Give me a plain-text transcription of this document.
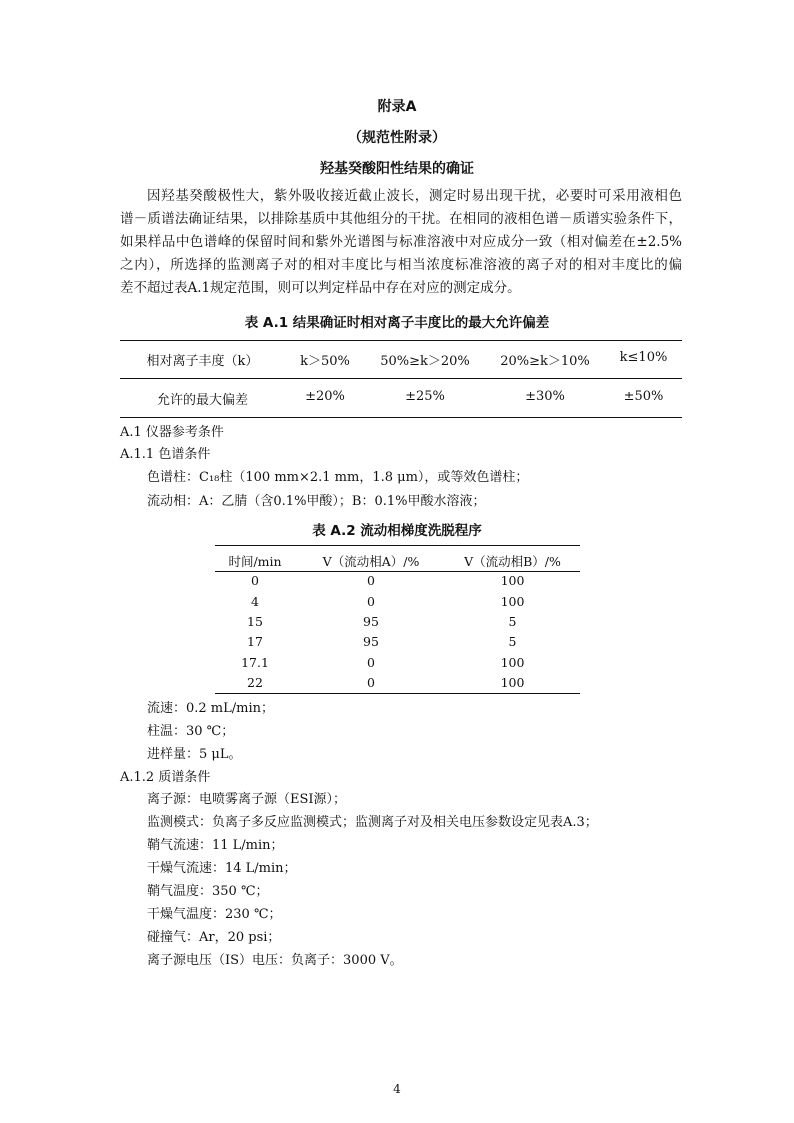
附录A
（规范性附录）
羟基癸酸阳性结果的确证
因羟基癸酸极性大，紫外吸收接近截止波长，测定时易出现干扰，必要时可采用液相色
谱－质谱法确证结果，以排除基质中其他组分的干扰。在相同的液相色谱－质谱实验条件下，
如果样品中色谱峰的保留时间和紫外光谱图与标准溶液中对应成分一致（相对偏差在±2.5%
之内），所选择的监测离子对的相对丰度比与相当浓度标准溶液的离子对的相对丰度比的偏
差不超过表A.1规定范围，则可以判定样品中存在对应的测定成分。
表 A.1 结果确证时相对离子丰度比的最大允许偏差
相对离子丰度（k）	k＞50%	50%≥k＞20%	20%≥k＞10%	k≤10%
允许的最大偏差	±20%	±25%	±30%	±50%
A.1 仪器参考条件
A.1.1 色谱条件
色谱柱：C₁₈柱（100 mm×2.1 mm，1.8 μm），或等效色谱柱；
流动相：A：乙腈（含0.1%甲酸）；B：0.1%甲酸水溶液；
表 A.2 流动相梯度洗脱程序
时间/min	V（流动相A）/%	V（流动相B）/%
0	0	100
4	0	100
15	95	5
17	95	5
17.1	0	100
22	0	100
流速：0.2 mL/min；
柱温：30 ℃；
进样量：5 μL。
A.1.2 质谱条件
离子源：电喷雾离子源（ESI源）；
监测模式：负离子多反应监测模式；监测离子对及相关电压参数设定见表A.3；
鞘气流速：11 L/min；
干燥气流速：14 L/min；
鞘气温度：350 ℃；
干燥气温度：230 ℃；
碰撞气：Ar，20 psi；
离子源电压（IS）电压：负离子：3000 V。
4
